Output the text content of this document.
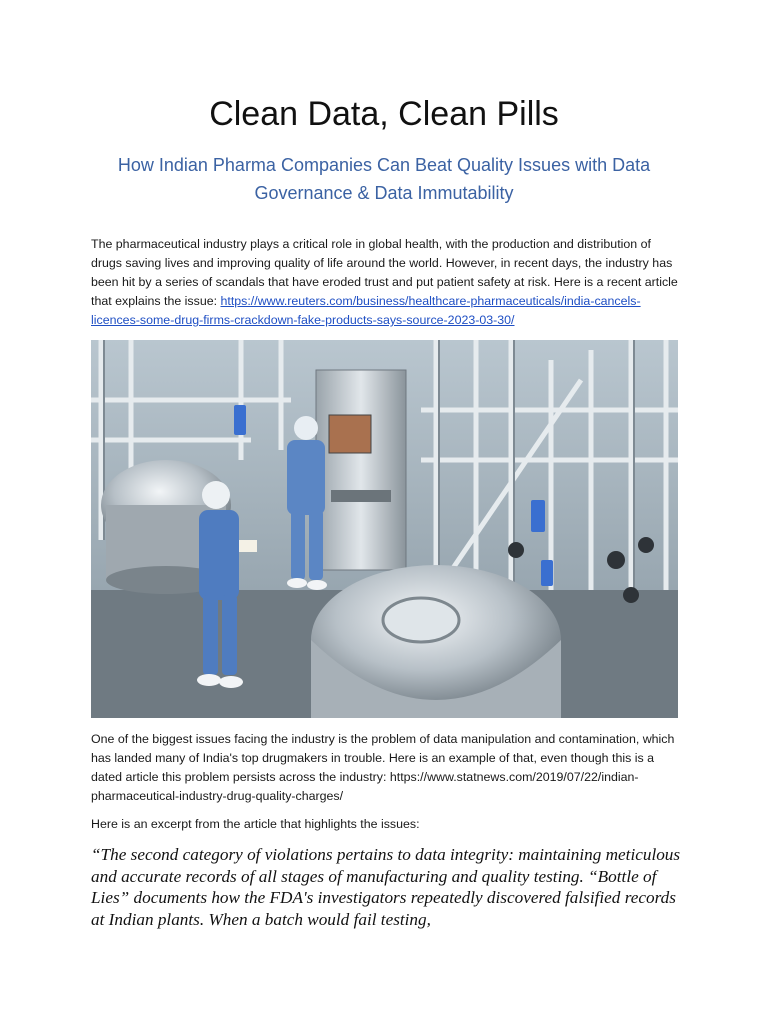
Clean Data, Clean Pills
How Indian Pharma Companies Can Beat Quality Issues with Data Governance & Data Immutability
The pharmaceutical industry plays a critical role in global health, with the production and distribution of drugs saving lives and improving quality of life around the world. However, in recent days, the industry has been hit by a series of scandals that have eroded trust and put patient safety at risk. Here is a recent article that explains the issue: https://www.reuters.com/business/healthcare-pharmaceuticals/india-cancels-licences-some-drug-firms-crackdown-fake-products-says-source-2023-03-30/
One of the biggest issues facing the industry is the problem of data manipulation and contamination, which has landed many of India's top drugmakers in trouble. Here is an example of that, even though this is a dated article this problem persists across the industry: https://www.statnews.com/2019/07/22/indian-pharmaceutical-industry-drug-quality-charges/
Here is an excerpt from the article that highlights the issues:
“The second category of violations pertains to data integrity: maintaining meticulous and accurate records of all stages of manufacturing and quality testing. “Bottle of Lies” documents how the FDA's investigators repeatedly discovered falsified records at Indian plants. When a batch would fail testing,
